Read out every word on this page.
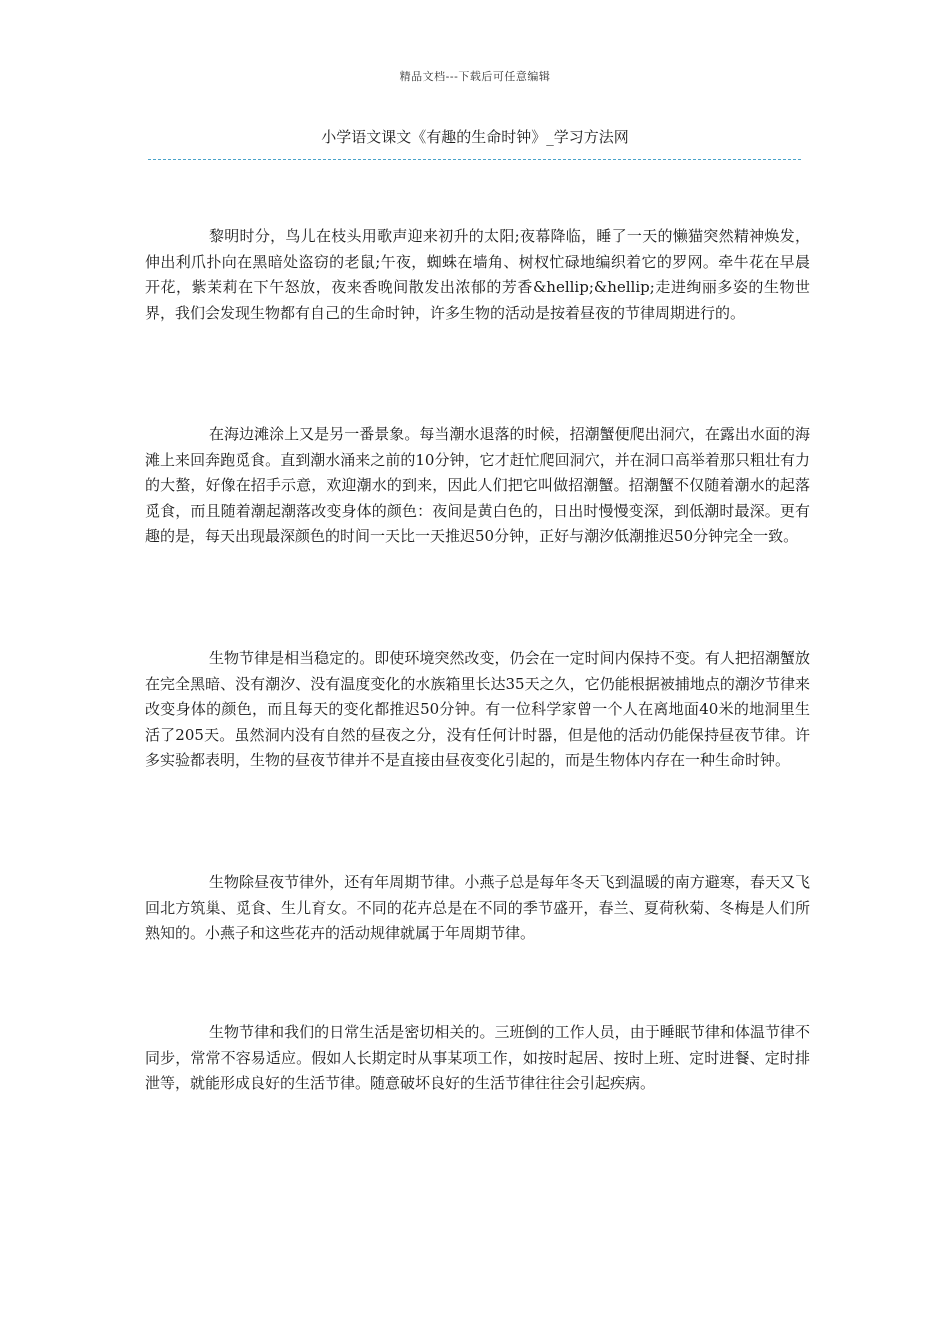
精品文档---下载后可任意编辑
小学语文课文《有趣的生命时钟》_学习方法网

黎明时分，鸟儿在枝头用歌声迎来初升的太阳;夜幕降临，睡了一天的懒猫突然精神焕发，伸出利爪扑向在黑暗处盗窃的老鼠;午夜，蜘蛛在墙角、树杈忙碌地编织着它的罗网。牵牛花在早晨开花，紫茉莉在下午怒放，夜来香晚间散发出浓郁的芳香&hellip;&hellip;走进绚丽多姿的生物世界，我们会发现生物都有自己的生命时钟，许多生物的活动是按着昼夜的节律周期进行的。

在海边滩涂上又是另一番景象。每当潮水退落的时候，招潮蟹便爬出洞穴，在露出水面的海滩上来回奔跑觅食。直到潮水涌来之前的10分钟，它才赶忙爬回洞穴，并在洞口高举着那只粗壮有力的大螯，好像在招手示意，欢迎潮水的到来，因此人们把它叫做招潮蟹。招潮蟹不仅随着潮水的起落觅食，而且随着潮起潮落改变身体的颜色：夜间是黄白色的，日出时慢慢变深，到低潮时最深。更有趣的是，每天出现最深颜色的时间一天比一天推迟50分钟，正好与潮汐低潮推迟50分钟完全一致。

生物节律是相当稳定的。即使环境突然改变，仍会在一定时间内保持不变。有人把招潮蟹放在完全黑暗、没有潮汐、没有温度变化的水族箱里长达35天之久，它仍能根据被捕地点的潮汐节律来改变身体的颜色，而且每天的变化都推迟50分钟。有一位科学家曾一个人在离地面40米的地洞里生活了205天。虽然洞内没有自然的昼夜之分，没有任何计时器，但是他的活动仍能保持昼夜节律。许多实验都表明，生物的昼夜节律并不是直接由昼夜变化引起的，而是生物体内存在一种生命时钟。

生物除昼夜节律外，还有年周期节律。小燕子总是每年冬天飞到温暖的南方避寒，春天又飞回北方筑巢、觅食、生儿育女。不同的花卉总是在不同的季节盛开，春兰、夏荷秋菊、冬梅是人们所熟知的。小燕子和这些花卉的活动规律就属于年周期节律。

生物节律和我们的日常生活是密切相关的。三班倒的工作人员，由于睡眠节律和体温节律不同步，常常不容易适应。假如人长期定时从事某项工作，如按时起居、按时上班、定时进餐、定时排泄等，就能形成良好的生活节律。随意破坏良好的生活节律往往会引起疾病。
